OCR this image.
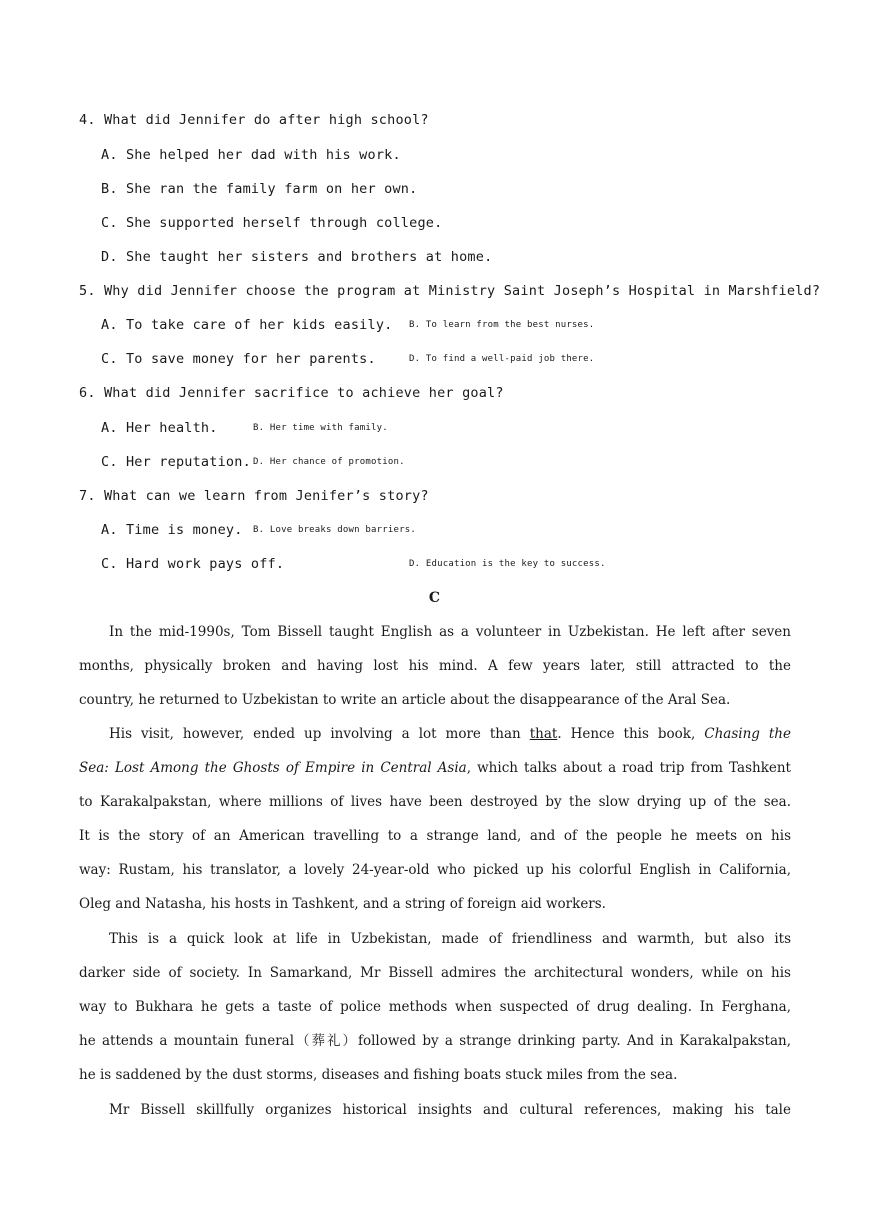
4. What did Jennifer do after high school?
A. She helped her dad with his work.
B. She ran the family farm on her own.
C. She supported herself through college.
D. She taught her sisters and brothers at home.
5. Why did Jennifer choose the program at Ministry Saint Joseph’s Hospital in Marshfield?
A. To take care of her kids easily.	B. To learn from the best nurses.
C. To save money for her parents.	D. To find a well-paid job there.
6. What did Jennifer sacrifice to achieve her goal?
A. Her health.	B. Her time with family.
C. Her reputation. D. Her chance of promotion.
7. What can we learn from Jenifer’s story?
A. Time is money.	B. Love breaks down barriers.
C. Hard work pays off.	D. Education is the key to success.
C
In the mid-1990s, Tom Bissell taught English as a volunteer in Uzbekistan. He left after seven
months, physically broken and having lost his mind. A few years later, still attracted to the
country, he returned to Uzbekistan to write an article about the disappearance of the Aral Sea.
His visit, however, ended up involving a lot more than that. Hence this book, Chasing the
Sea: Lost Among the Ghosts of Empire in Central Asia, which talks about a road trip from Tashkent
to Karakalpakstan, where millions of lives have been destroyed by the slow drying up of the sea.
It is the story of an American travelling to a strange land, and of the people he meets on his
way: Rustam, his translator, a lovely 24-year-old who picked up his colorful English in California,
Oleg and Natasha, his hosts in Tashkent, and a string of foreign aid workers.
This is a quick look at life in Uzbekistan, made of friendliness and warmth, but also its
darker side of society. In Samarkand, Mr Bissell admires the architectural wonders, while on his
way to Bukhara he gets a taste of police methods when suspected of drug dealing. In Ferghana,
he attends a mountain funeral（葬礼）followed by a strange drinking party. And in Karakalpakstan,
he is saddened by the dust storms, diseases and fishing boats stuck miles from the sea.
Mr Bissell skillfully organizes historical insights and cultural references, making his tale
